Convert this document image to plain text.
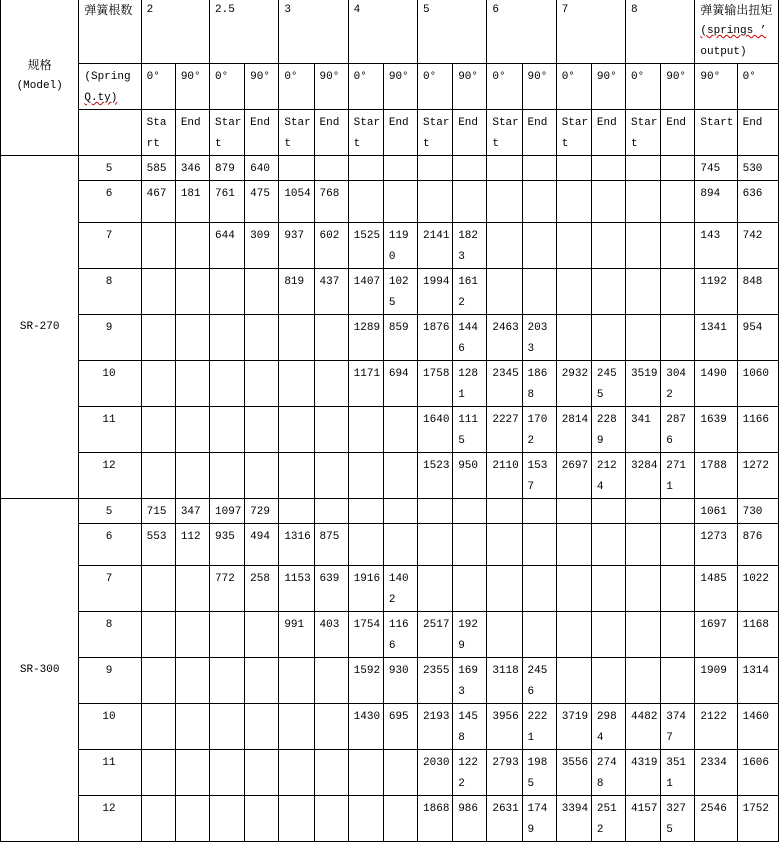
规格
(Model)	弹簧根数	2		2.5		3		4		5		6		7		8		弹簧输出扭矩
(springs ’
output)	

	(Spring
Q.ty)	0°	90°	0°	90°	0°	90°	0°	90°	0°	90°	0°	90°	0°	90°	0°	90°	90°	0°
		Start	End	Start	End	Start	End	Start	End	Start	End	Start	End	Start	End	Start	End	Start	End
SR-270	5	585	346	879	640													745	530
	6	467	181	761	475	1054	768											894	636
	7			644	309	937	602	1525	1190	2141	1823							143	742
	8					819	437	1407	1025	1994	1612							1192	848
	9							1289	859	1876	1446	2463	2033					1341	954
	10							1171	694	1758	1281	2345	1868	2932	2455	3519	3042	1490	1060
	11									1640	1115	2227	1702	2814	2289	341	2876	1639	1166
	12									1523	950	2110	1537	2697	2124	3284	2711	1788	1272
SR-300	5	715	347	1097	729													1061	730
	6	553	112	935	494	1316	875											1273	876
	7			772	258	1153	639	1916	1402									1485	1022
	8					991	403	1754	1166	2517	1929							1697	1168
	9							1592	930	2355	1693	3118	2456					1909	1314
	10							1430	695	2193	1458	3956	2221	3719	2984	4482	3747	2122	1460
	11									2030	1222	2793	1985	3556	2748	4319	3511	2334	1606
	12									1868	986	2631	1749	3394	2512	4157	3275	2546	1752
